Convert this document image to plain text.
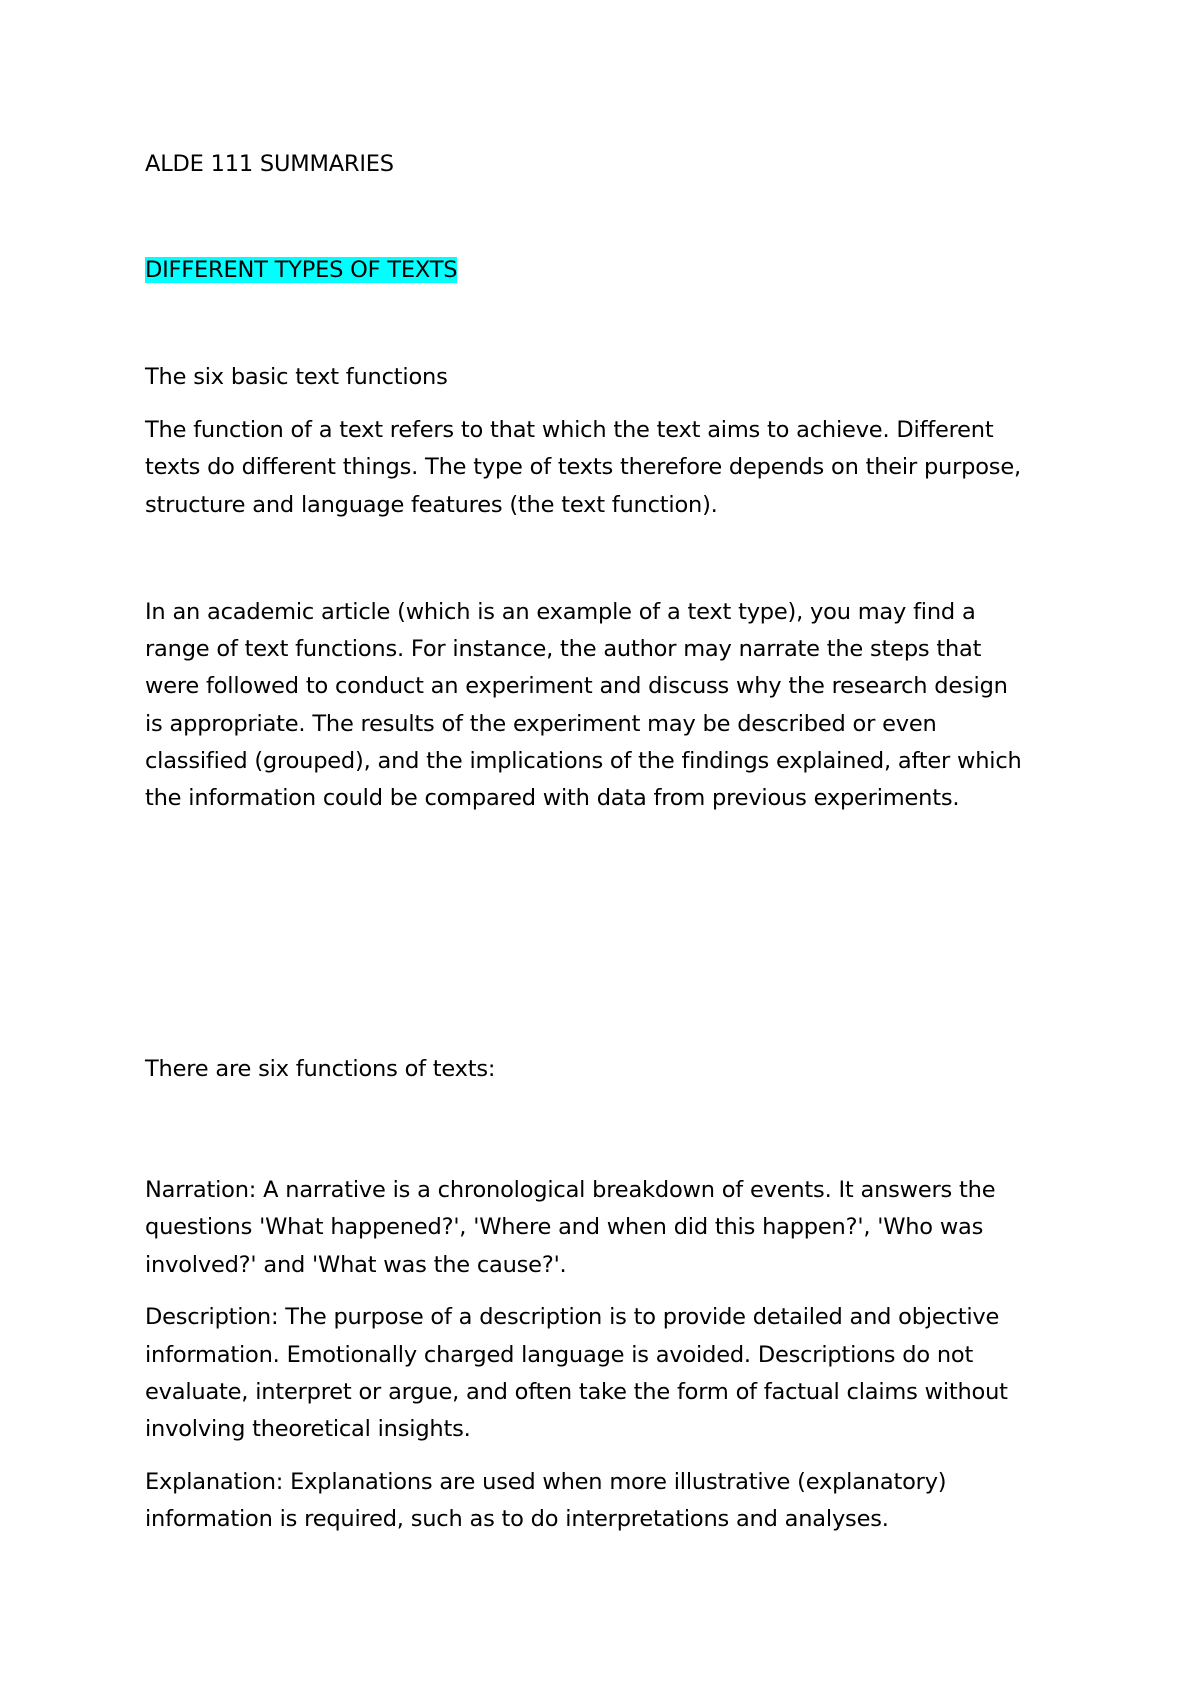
ALDE 111 SUMMARIES

DIFFERENT TYPES OF TEXTS

The six basic text functions

The function of a text refers to that which the text aims to achieve. Different

texts do different things. The type of texts therefore depends on their purpose,

structure and language features (the text function).

In an academic article (which is an example of a text type), you may find a

range of text functions. For instance, the author may narrate the steps that

were followed to conduct an experiment and discuss why the research design

is appropriate. The results of the experiment may be described or even

classified (grouped), and the implications of the findings explained, after which

the information could be compared with data from previous experiments.

There are six functions of texts:

Narration: A narrative is a chronological breakdown of events. It answers the

questions 'What happened?', 'Where and when did this happen?', 'Who was

involved?' and 'What was the cause?'.

Description: The purpose of a description is to provide detailed and objective

information. Emotionally charged language is avoided. Descriptions do not

evaluate, interpret or argue, and often take the form of factual claims without

involving theoretical insights.

Explanation: Explanations are used when more illustrative (explanatory)

information is required, such as to do interpretations and analyses.
